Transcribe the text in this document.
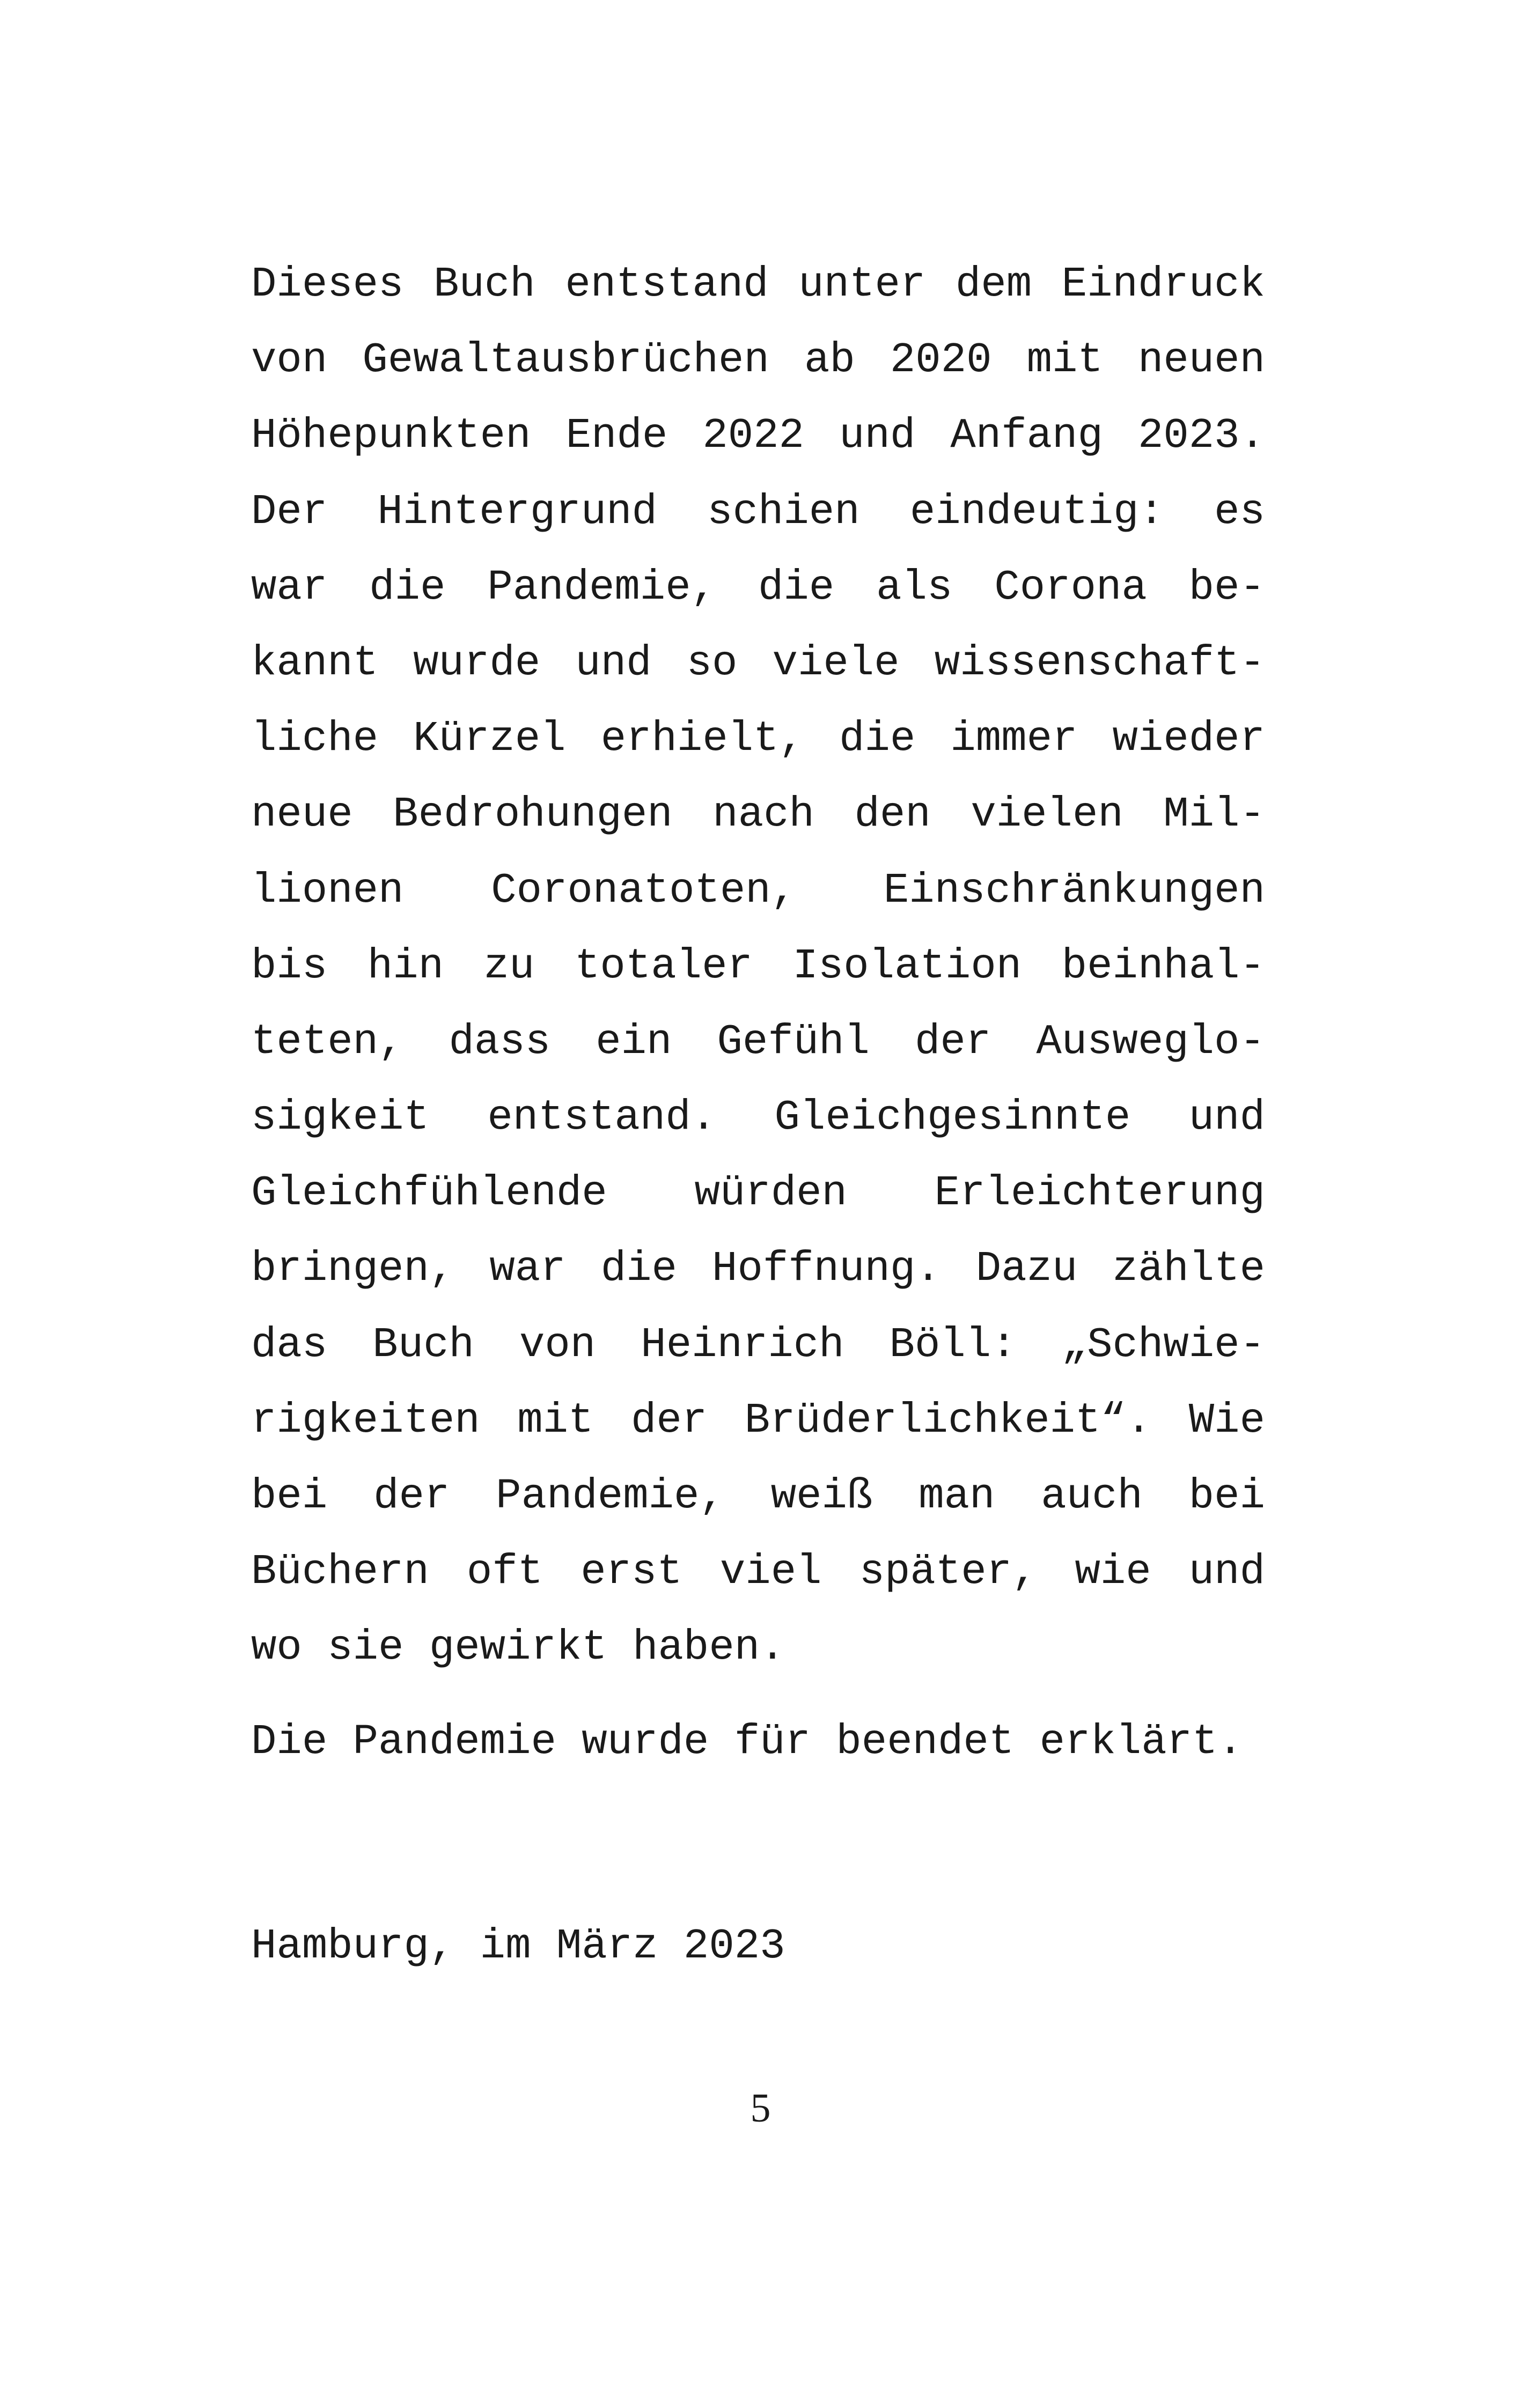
Dieses Buch entstand unter dem Eindruck
von Gewaltausbrüchen ab 2020 mit neuen
Höhepunkten Ende 2022 und Anfang 2023.
Der Hintergrund schien eindeutig: es
war die Pandemie, die als Corona be-
kannt wurde und so viele wissenschaft-
liche Kürzel erhielt, die immer wieder
neue Bedrohungen nach den vielen Mil-
lionen Coronatoten, Einschränkungen
bis hin zu totaler Isolation beinhal-
teten, dass ein Gefühl der Ausweglo-
sigkeit entstand. Gleichgesinnte und
Gleichfühlende würden Erleichterung
bringen, war die Hoffnung. Dazu zählte
das Buch von Heinrich Böll: „Schwie-
rigkeiten mit der Brüderlichkeit“. Wie
bei der Pandemie, weiß man auch bei
Büchern oft erst viel später, wie und
wo sie gewirkt haben.
Die Pandemie wurde für beendet erklärt.
Hamburg, im März 2023
5
